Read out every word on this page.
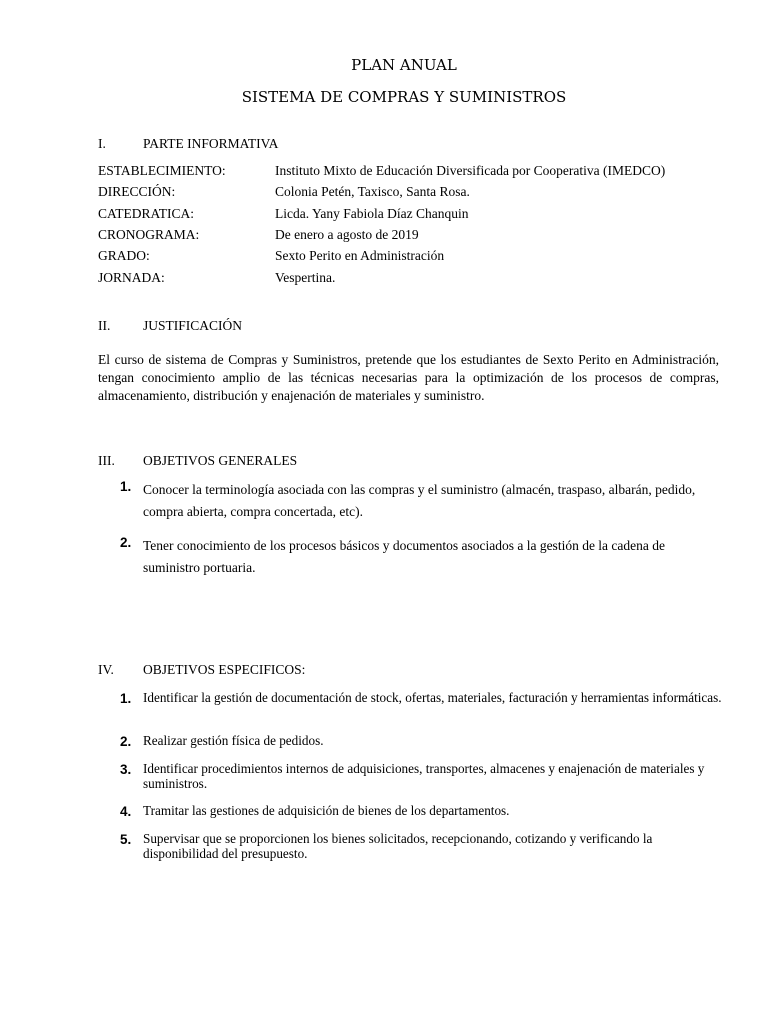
PLAN ANUAL
SISTEMA DE COMPRAS Y SUMINISTROS
I.	PARTE INFORMATIVA
ESTABLECIMIENTO:	Instituto Mixto de Educación Diversificada por Cooperativa (IMEDCO)
DIRECCIÓN:	Colonia Petén, Taxisco, Santa Rosa.
CATEDRATICA:	Licda. Yany Fabiola Díaz Chanquin
CRONOGRAMA:	De enero a agosto de 2019
GRADO:	Sexto Perito en Administración
JORNADA:	Vespertina.
II. JUSTIFICACIÓN
El curso de sistema de Compras y Suministros, pretende que los estudiantes de Sexto Perito en Administración, tengan conocimiento amplio de las técnicas necesarias para la optimización de los procesos de compras, almacenamiento, distribución y enajenación de materiales y suministro.
III. OBJETIVOS GENERALES
1. Conocer la terminología asociada con las compras y el suministro (almacén, traspaso, albarán, pedido, compra abierta, compra concertada, etc).
2. Tener conocimiento de los procesos básicos y documentos asociados a la gestión de la cadena de suministro portuaria.
IV. OBJETIVOS ESPECIFICOS:
1. Identificar la gestión de documentación de stock, ofertas, materiales, facturación y herramientas informáticas.
2. Realizar gestión física de pedidos.
3. Identificar procedimientos internos de adquisiciones, transportes, almacenes y enajenación de materiales y suministros.
4. Tramitar las gestiones de adquisición de bienes de los departamentos.
5. Supervisar que se proporcionen los bienes solicitados, recepcionando, cotizando y verificando la disponibilidad del presupuesto.
